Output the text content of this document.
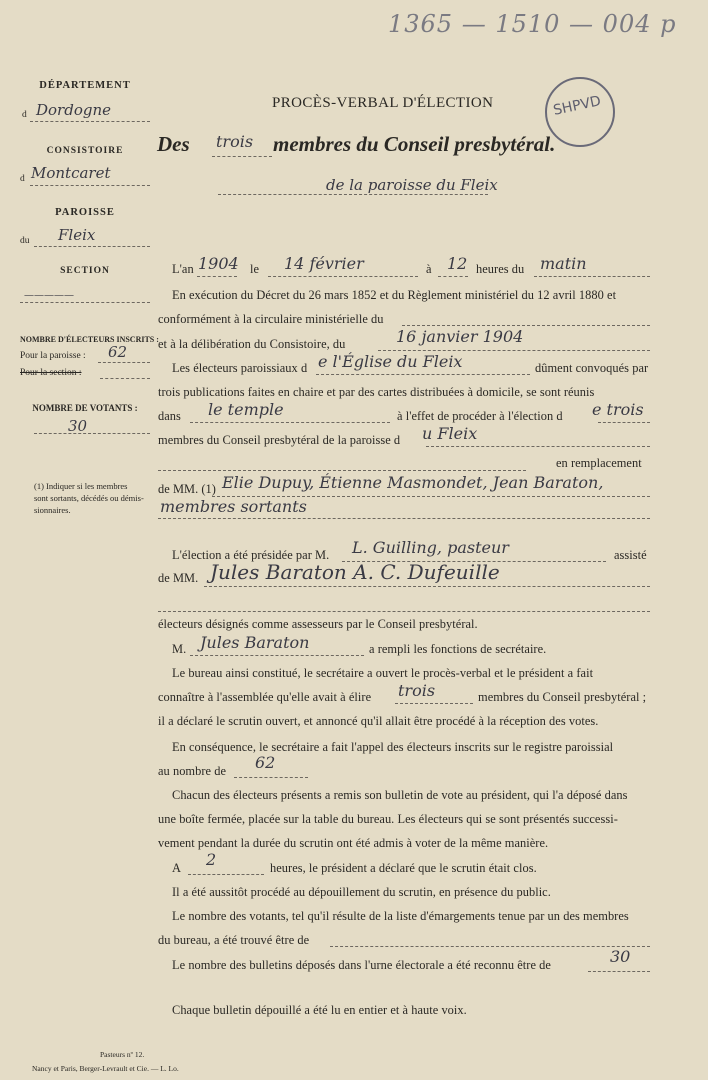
1365 — 1510 — 004 p
SHPVD
DÉPARTEMENT
d Dordogne
CONSISTOIRE
d Montcaret
PAROISSE
du Fleix
SECTION
—————
NOMBRE D'ÉLECTEURS INSCRITS :
Pour la paroisse : 62
Pour la section :
NOMBRE DE VOTANTS :
30
(1) Indiquer si les membres
sont sortants, décédés ou démis-
sionnaires.
PROCÈS-VERBAL D'ÉLECTION
Des trois membres du Conseil presbytéral.
de la paroisse du Fleix
L'an 1904 le 14 février	à 12 heures du matin
En exécution du Décret du 26 mars 1852 et du Règlement ministériel du 12 avril 1880 et
conformément à la circulaire ministérielle du
et à la délibération du Consistoire, du	16 janvier 1904
Les électeurs paroissiaux d e l'Église du Fleix	dûment convoqués par
trois publications faites en chaire et par des cartes distribuées à domicile, se sont réunis
dans le temple	à l'effet de procéder à l'élection d e trois
membres du Conseil presbytéral de la paroisse d u Fleix
en remplacement
de MM. (1) Elie Dupuy, Étienne Masmondet, Jean Baraton,
membres sortants
L'élection a été présidée par M. L. Guilling, pasteur	assisté
de MM. Jules Baraton A. C. Dufeuille
électeurs désignés comme assesseurs par le Conseil presbytéral.
M. Jules Baraton	a rempli les fonctions de secrétaire.
Le bureau ainsi constitué, le secrétaire a ouvert le procès-verbal et le président a fait
connaître à l'assemblée qu'elle avait à élire trois	membres du Conseil presbytéral ;
il a déclaré le scrutin ouvert, et annoncé qu'il allait être procédé à la réception des votes.
En conséquence, le secrétaire a fait l'appel des électeurs inscrits sur le registre paroissial
au nombre de 62
Chacun des électeurs présents a remis son bulletin de vote au président, qui l'a déposé dans
une boîte fermée, placée sur la table du bureau. Les électeurs qui se sont présentés successi-
vement pendant la durée du scrutin ont été admis à voter de la même manière.
A 2	heures, le président a déclaré que le scrutin était clos.
Il a été aussitôt procédé au dépouillement du scrutin, en présence du public.
Le nombre des votants, tel qu'il résulte de la liste d'émargements tenue par un des membres
du bureau, a été trouvé être de
Le nombre des bulletins déposés dans l'urne électorale a été reconnu être de	30
Chaque bulletin dépouillé a été lu en entier et à haute voix.
Pasteurs nº 12.
Nancy et Paris, Berger-Levrault et Cie. — L. Lo.
